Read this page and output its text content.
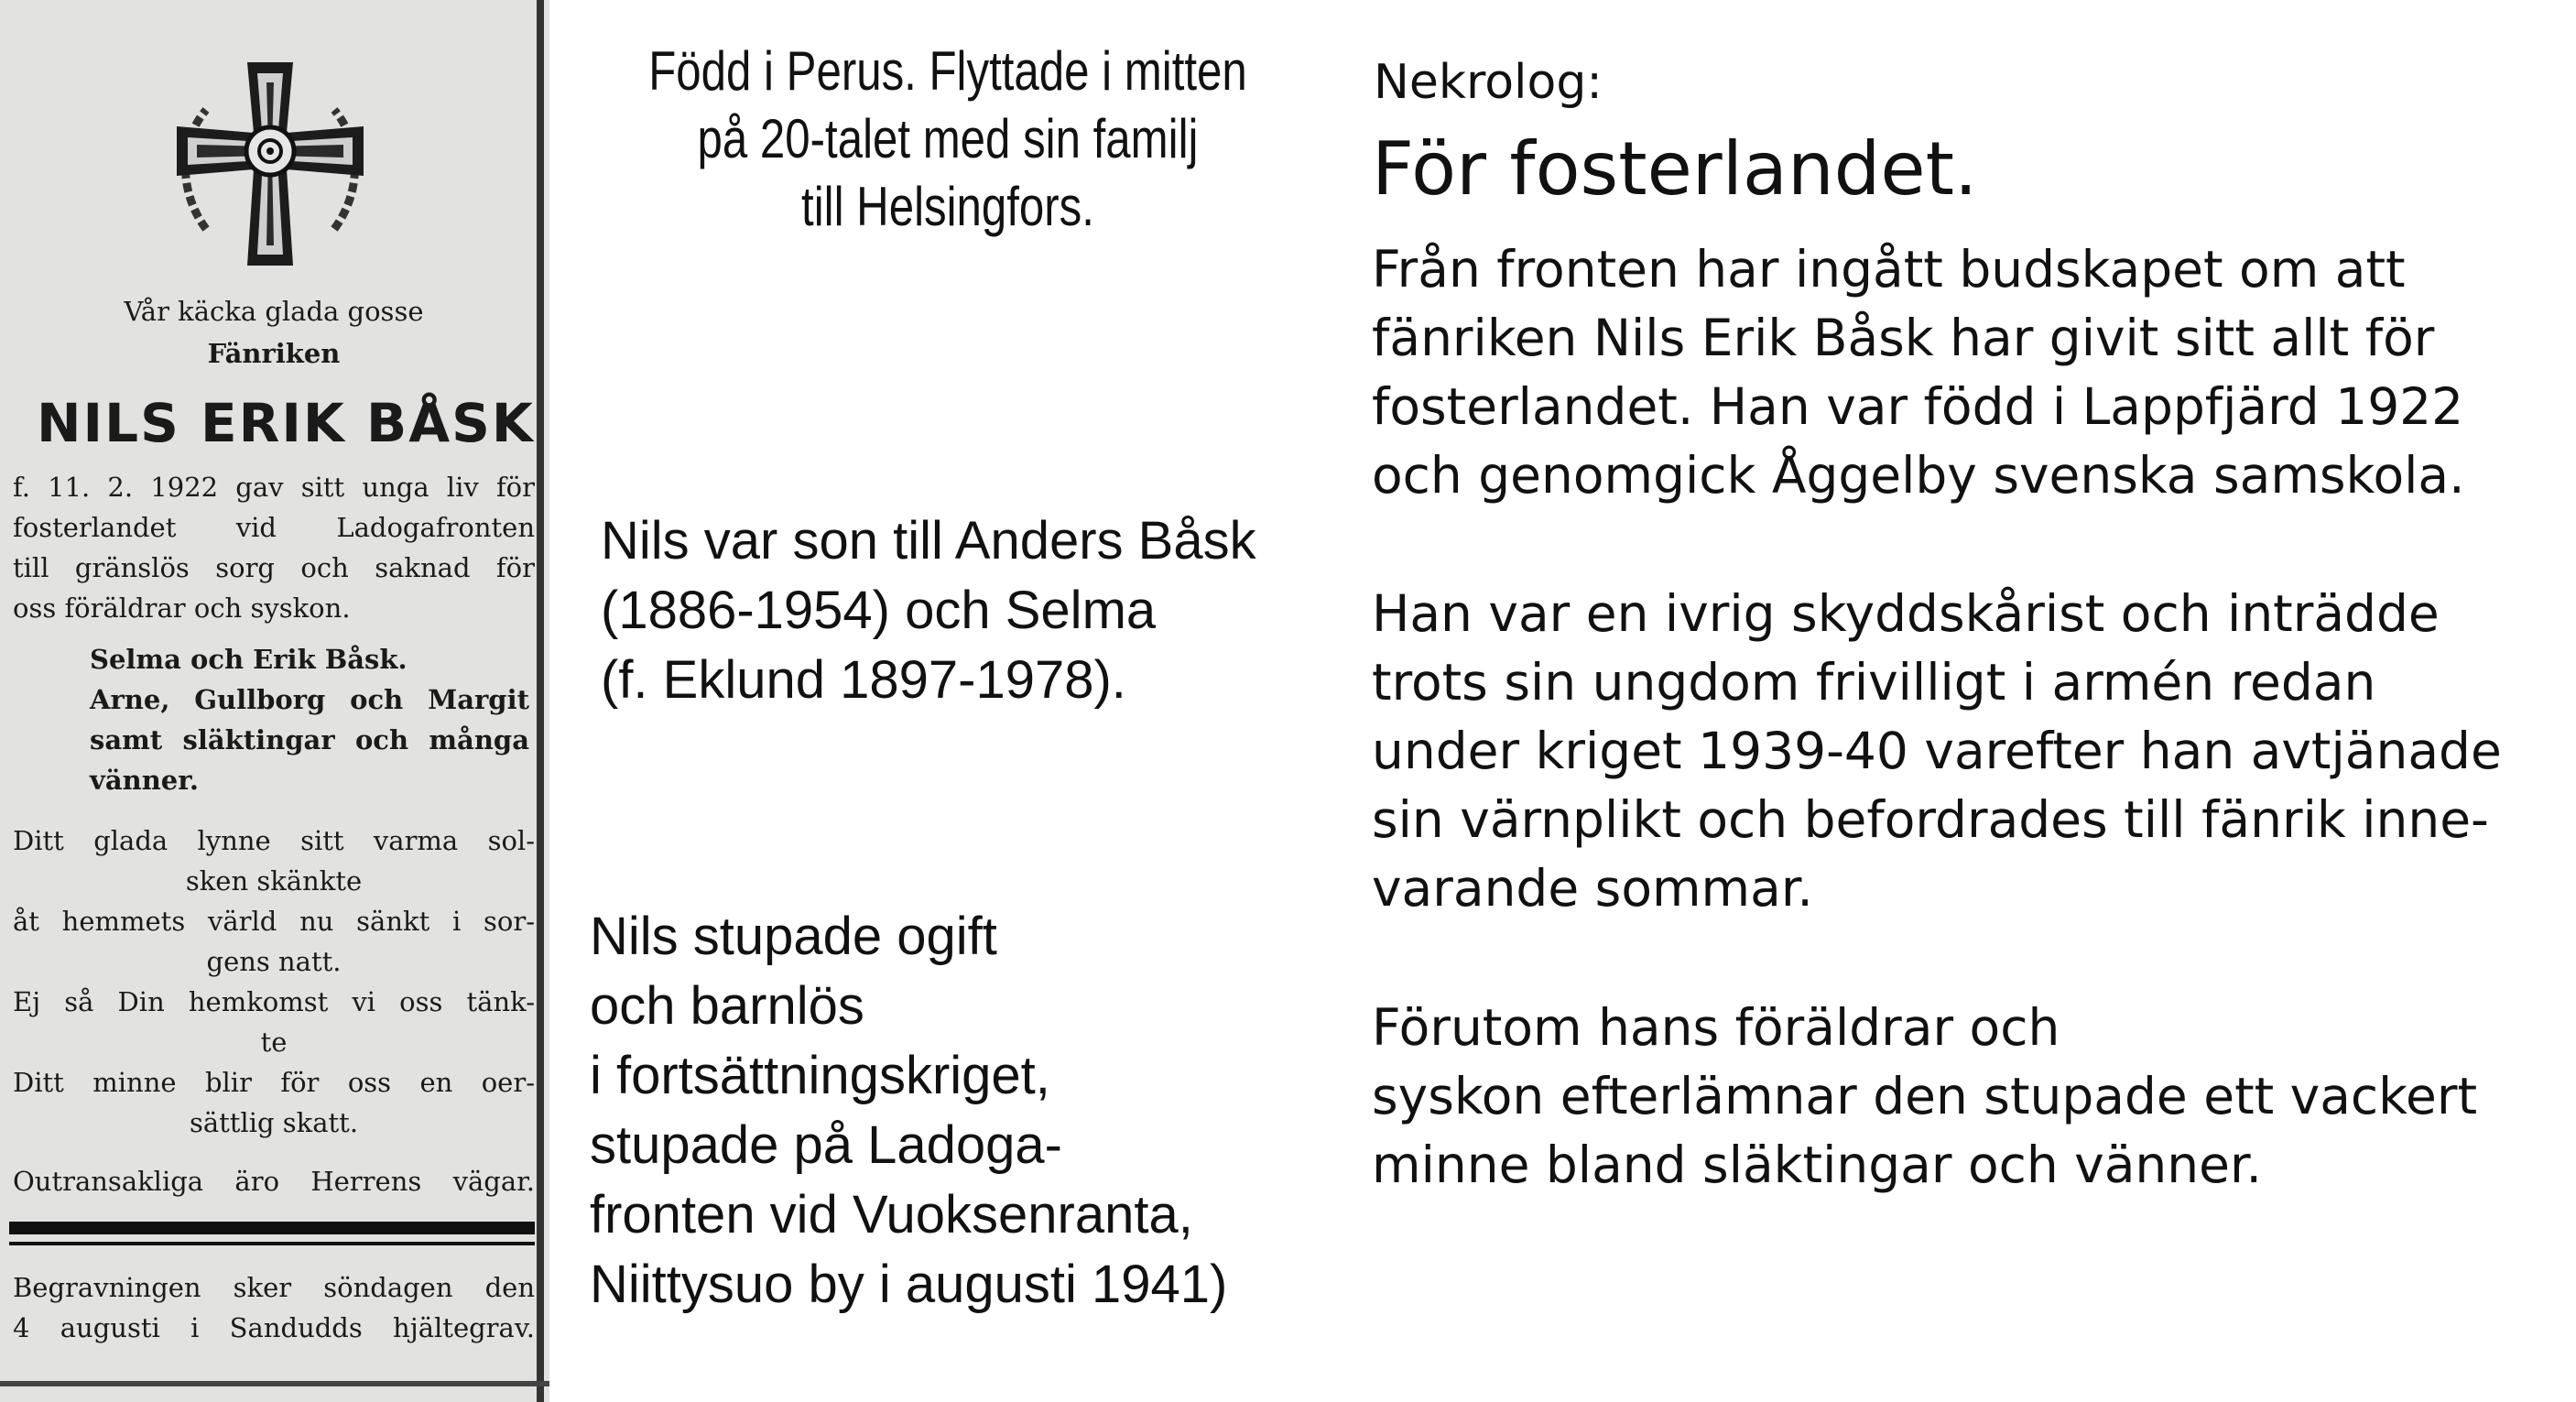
Vår käcka glada gosse
Fänriken
NILS ERIK BÅSK
f. 11. 2. 1922 gav sitt unga liv för
fosterlandet vid Ladogafronten
till gränslös sorg och saknad för
oss föräldrar och syskon.
Selma och Erik Båsk.
Arne, Gullborg och Margit
samt släktingar och många
vänner.
Ditt glada lynne sitt varma sol-
sken skänkte
åt hemmets värld nu sänkt i sor-
gens natt.
Ej så Din hemkomst vi oss tänk-
te
Ditt minne blir för oss en oer-
sättlig skatt.
Outransakliga äro Herrens vägar.
Begravningen sker söndagen den
4 augusti i Sandudds hjältegrav.
Född i Perus. Flyttade i mitten
på 20-talet med sin familj
till Helsingfors.
Nils var son till Anders Båsk
(1886-1954) och Selma
(f. Eklund 1897-1978).
Nils stupade ogift
och barnlös
i fortsättningskriget,
stupade på Ladoga-
fronten vid Vuoksenranta,
Niittysuo by i augusti 1941)
Nekrolog:
För fosterlandet.
Från fronten har ingått budskapet om att
fänriken Nils Erik Båsk har givit sitt allt för
fosterlandet. Han var född i Lappfjärd 1922
och genomgick Åggelby svenska samskola.
Han var en ivrig skyddskårist och inträdde
trots sin ungdom frivilligt i armén redan
under kriget 1939-40 varefter han avtjänade
sin värnplikt och befordrades till fänrik inne-
varande sommar.
Förutom hans föräldrar och
syskon efterlämnar den stupade ett vackert
minne bland släktingar och vänner.
